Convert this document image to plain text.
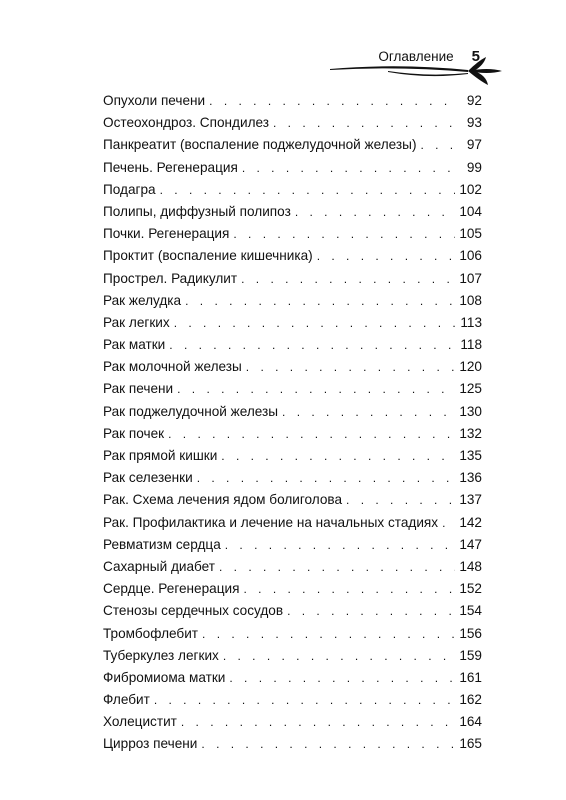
Оглавление 5
Опухоли печени . . .	92
Остеохондроз. Спондилез . . .	93
Панкреатит (воспаление поджелудочной железы) . . .	97
Печень. Регенерация . . .	99
Подагра . . .	102
Полипы, диффузный полипоз . . .	104
Почки. Регенерация . . .	105
Проктит (воспаление кишечника) . . .	106
Прострел. Радикулит . . .	107
Рак желудка . . .	108
Рак легких . . .	113
Рак матки . . .	118
Рак молочной железы . . .	120
Рак печени . . .	125
Рак поджелудочной железы . . .	130
Рак почек . . .	132
Рак прямой кишки . . .	135
Рак селезенки . . .	136
Рак. Схема лечения ядом болиголова . . .	137
Рак. Профилактика и лечение на начальных стадиях . . . 142
Ревматизм сердца . . .	147
Сахарный диабет . . .	148
Сердце. Регенерация . . .	152
Стенозы сердечных сосудов . . .	154
Тромбофлебит . . .	156
Туберкулез легких . . .	159
Фибромиома матки . . .	161
Флебит . . .	162
Холецистит . . .	164
Цирроз печени . . .	165
